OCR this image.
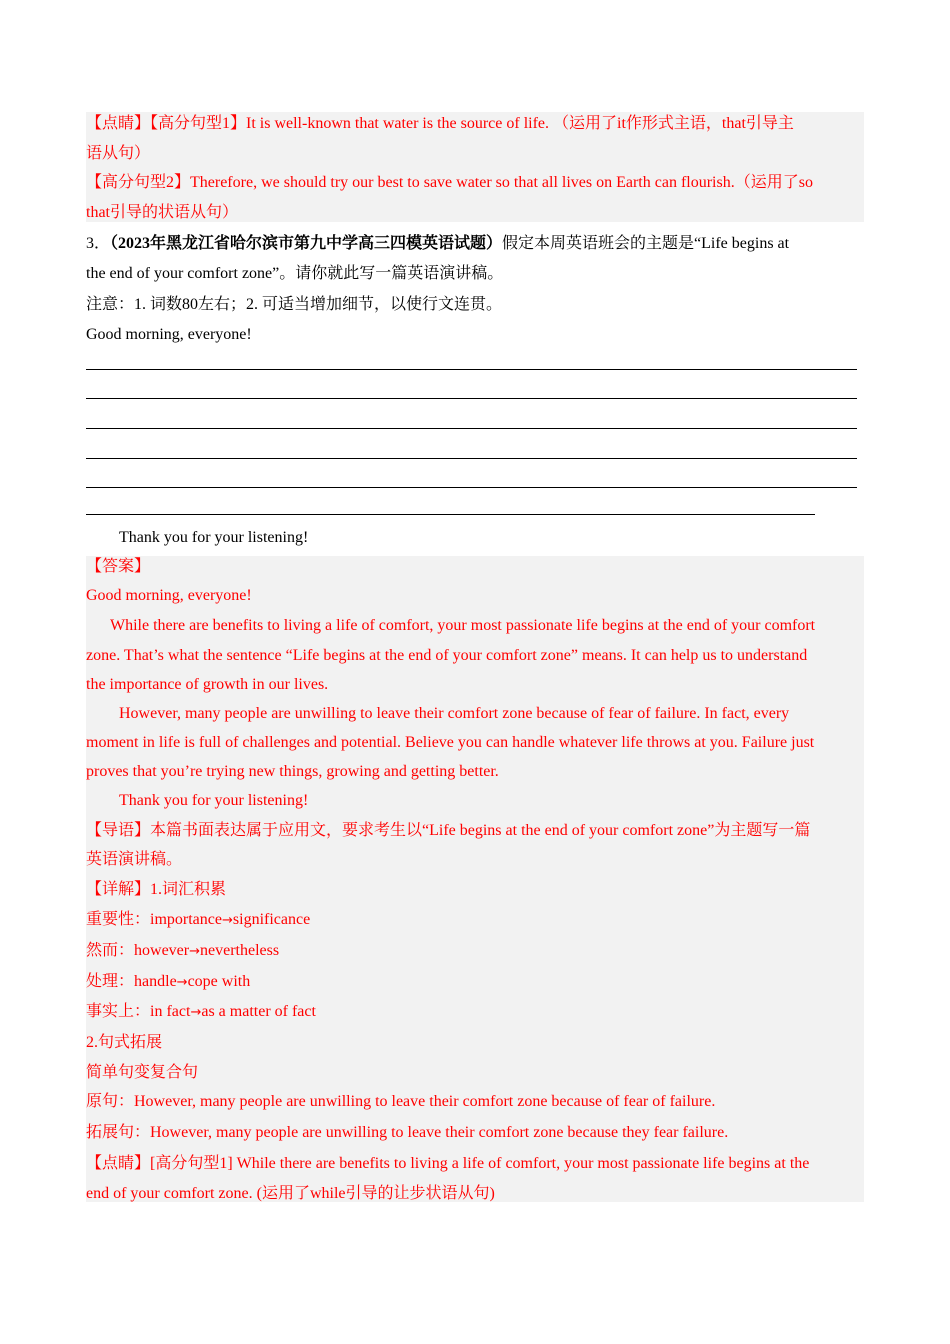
【点睛】【高分句型1】It is well-known that water is the source of life. （运用了it作形式主语，that引导主
语从句）
【高分句型2】Therefore, we should try our best to save water so that all lives on Earth can flourish.（运用了so
that引导的状语从句）
3．（2023年黑龙江省哈尔滨市第九中学高三四模英语试题）假定本周英语班会的主题是“Life begins at
the end of your comfort zone”。请你就此写一篇英语演讲稿。
注意：1. 词数80左右；2. 可适当增加细节，以使行文连贯。
Good morning, everyone!
Thank you for your listening!
【答案】
Good morning, everyone!
While there are benefits to living a life of comfort, your most passionate life begins at the end of your comfort
zone. That’s what the sentence “Life begins at the end of your comfort zone” means. It can help us to understand
the importance of growth in our lives.
However, many people are unwilling to leave their comfort zone because of fear of failure. In fact, every
moment in life is full of challenges and potential. Believe you can handle whatever life throws at you. Failure just
proves that you’re trying new things, growing and getting better.
Thank you for your listening!
【导语】本篇书面表达属于应用文，要求考生以“Life begins at the end of your comfort zone”为主题写一篇
英语演讲稿。
【详解】1.词汇积累
重要性：importance→significance
然而：however→nevertheless
处理：handle→cope with
事实上：in fact→as a matter of fact
2.句式拓展
简单句变复合句
原句：However, many people are unwilling to leave their comfort zone because of fear of failure.
拓展句：However, many people are unwilling to leave their comfort zone because they fear failure.
【点睛】[高分句型1] While there are benefits to living a life of comfort, your most passionate life begins at the
end of your comfort zone. (运用了while引导的让步状语从句)
